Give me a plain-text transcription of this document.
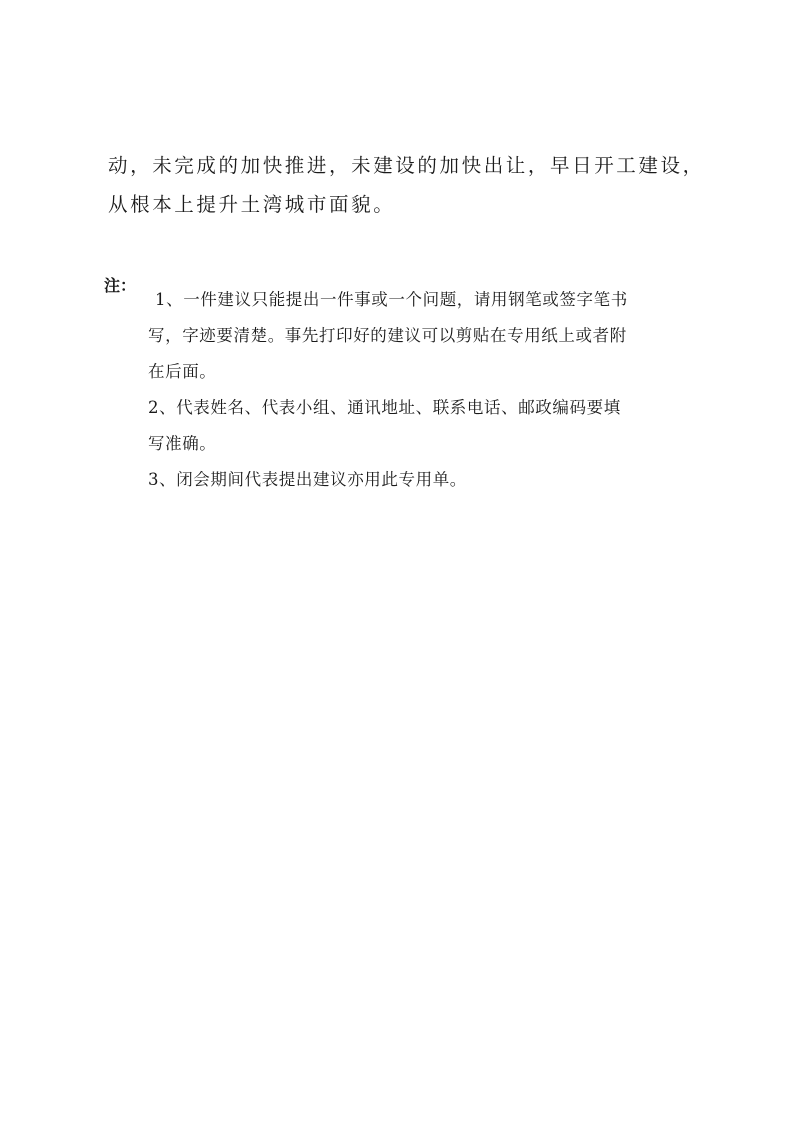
动，未完成的加快推进，未建设的加快出让，早日开工建设，
从根本上提升土湾城市面貌。

注：

1、一件建议只能提出一件事或一个问题，请用钢笔或签字笔书
写，字迹要清楚。事先打印好的建议可以剪贴在专用纸上或者附
在后面。
2、代表姓名、代表小组、通讯地址、联系电话、邮政编码要填
写准确。
3、闭会期间代表提出建议亦用此专用单。
